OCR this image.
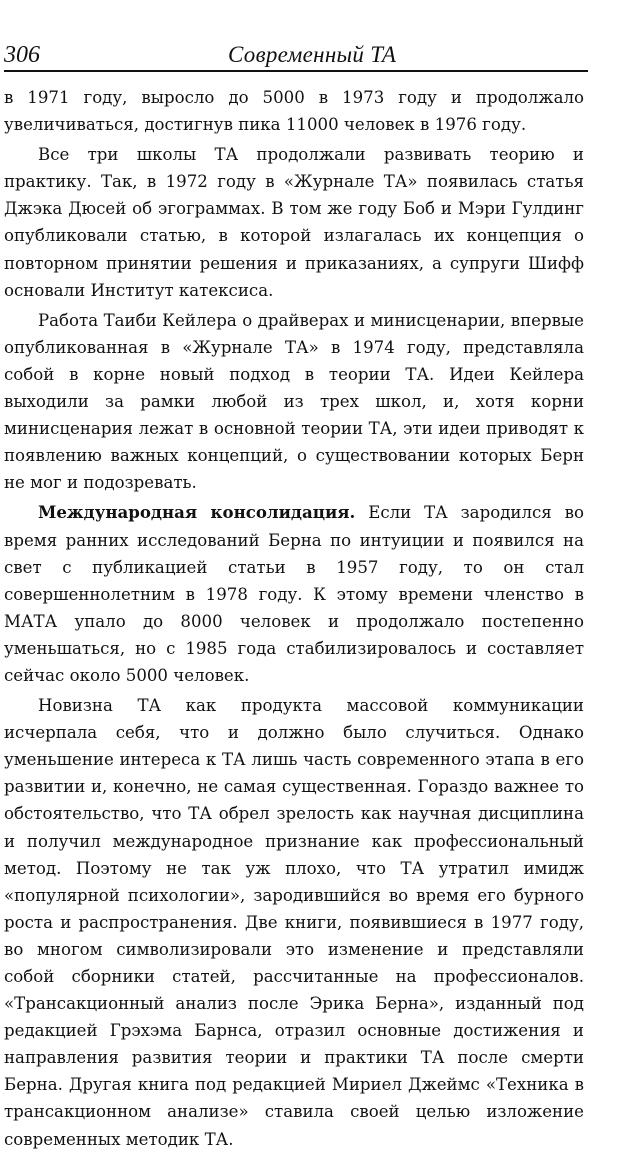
306	Современный ТА

в 1971 году, выросло до 5000 в 1973 году и продолжало увеличиваться, достигнув пика 11000 человек в 1976 году.

Все три школы ТА продолжали развивать теорию и практику. Так, в 1972 году в «Журнале ТА» появилась статья Джэка Дюсей об эгограммах. В том же году Боб и Мэри Гулдинг опубликовали статью, в которой излагалась их концепция о повторном принятии решения и приказаниях, а супруги Шифф основали Институт катексиса.

Работа Таиби Кейлера о драйверах и минисценарии, впервые опубликованная в «Журнале ТА» в 1974 году, представляла собой в корне новый подход в теории ТА. Идеи Кейлера выходили за рамки любой из трех школ, и, хотя корни минисценария лежат в основной теории ТА, эти идеи приводят к появлению важных концепций, о существовании которых Берн не мог и подозревать.

Международная консолидация. Если ТА зародился во время ранних исследований Берна по интуиции и появился на свет с публикацией статьи в 1957 году, то он стал совершеннолетним в 1978 году. К этому времени членство в МАТА упало до 8000 человек и продолжало постепенно уменьшаться, но с 1985 года стабилизировалось и составляет сейчас около 5000 человек.

Новизна ТА как продукта массовой коммуникации исчерпала себя, что и должно было случиться. Однако уменьшение интереса к ТА лишь часть современного этапа в его развитии и, конечно, не самая существенная. Гораздо важнее то обстоятельство, что ТА обрел зрелость как научная дисциплина и получил международное признание как профессиональный метод. Поэтому не так уж плохо, что ТА утратил имидж «популярной психологии», зародившийся во время его бурного роста и распространения. Две книги, появившиеся в 1977 году, во многом символизировали это изменение и представляли собой сборники статей, рассчитанные на профессионалов. «Трансакционный анализ после Эрика Берна», изданный под редакцией Грэхэма Барнса, отразил основные достижения и направления развития теории и практики ТА после смерти Берна. Другая книга под редакцией Мириел Джеймс «Техника в трансакционном анализе» ставила своей целью изложение современных методик ТА.
